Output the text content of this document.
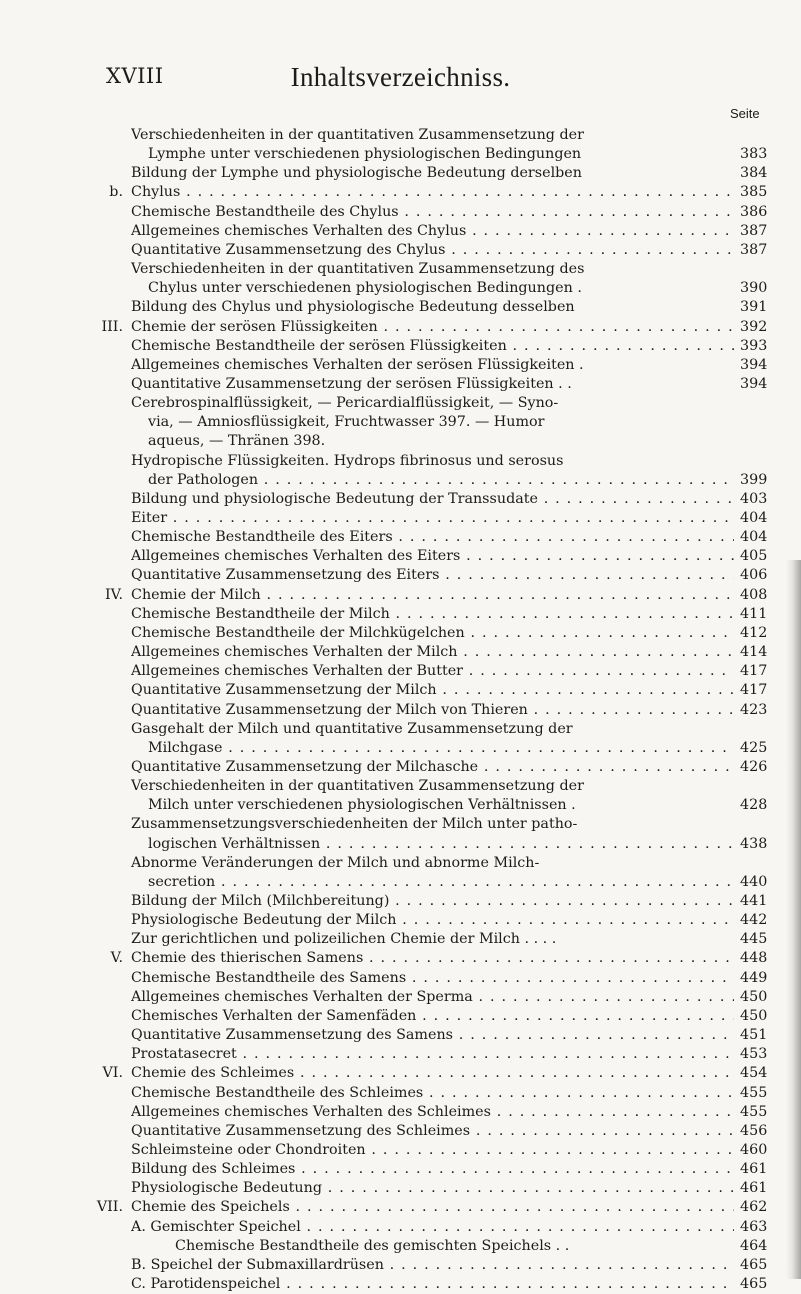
XVIII	Inhaltsverzeichniss.
Seite
Verschiedenheiten in der quantitativen Zusammensetzung der
Lymphe unter verschiedenen physiologischen Bedingungen	383
Bildung der Lymphe und physiologische Bedeutung derselben	384
b. Chylus . . .	385
Chemische Bestandtheile des Chylus . . .	386
Allgemeines chemisches Verhalten des Chylus . . .	387
Quantitative Zusammensetzung des Chylus . . .	387
Verschiedenheiten in der quantitativen Zusammensetzung des
Chylus unter verschiedenen physiologischen Bedingungen .	390
Bildung des Chylus und physiologische Bedeutung desselben	391
III. Chemie der serösen Flüssigkeiten . . .	392
Chemische Bestandtheile der serösen Flüssigkeiten . . .	393
Allgemeines chemisches Verhalten der serösen Flüssigkeiten .	394
Quantitative Zusammensetzung der serösen Flüssigkeiten . .	394
Cerebrospinalflüssigkeit, — Pericardialflüssigkeit, — Syno-
via, — Amniosflüssigkeit, Fruchtwasser 397. — Humor
aqueus, — Thränen 398.
Hydropische Flüssigkeiten. Hydrops fibrinosus und serosus
der Pathologen . . .	399
Bildung und physiologische Bedeutung der Transsudate . . .	403
Eiter . . .	404
Chemische Bestandtheile des Eiters . . .	404
Allgemeines chemisches Verhalten des Eiters . . .	405
Quantitative Zusammensetzung des Eiters . . .	406
IV. Chemie der Milch . . .	408
Chemische Bestandtheile der Milch . . .	411
Chemische Bestandtheile der Milchkügelchen . . .	412
Allgemeines chemisches Verhalten der Milch . . .	414
Allgemeines chemisches Verhalten der Butter . . .	417
Quantitative Zusammensetzung der Milch . . .	417
Quantitative Zusammensetzung der Milch von Thieren . . .	423
Gasgehalt der Milch und quantitative Zusammensetzung der
Milchgase . . .	425
Quantitative Zusammensetzung der Milchasche . . .	426
Verschiedenheiten in der quantitativen Zusammensetzung der
Milch unter verschiedenen physiologischen Verhältnissen .	428
Zusammensetzungsverschiedenheiten der Milch unter patho-
logischen Verhältnissen . . .	438
Abnorme Veränderungen der Milch und abnorme Milch-
secretion . . .	440
Bildung der Milch (Milchbereitung) . . .	441
Physiologische Bedeutung der Milch . . .	442
Zur gerichtlichen und polizeilichen Chemie der Milch . . . .	445
V. Chemie des thierischen Samens . . .	448
Chemische Bestandtheile des Samens . . .	449
Allgemeines chemisches Verhalten der Sperma . . .	450
Chemisches Verhalten der Samenfäden . . .	450
Quantitative Zusammensetzung des Samens . . .	451
Prostatasecret . . .	453
VI. Chemie des Schleimes . . .	454
Chemische Bestandtheile des Schleimes . . .	455
Allgemeines chemisches Verhalten des Schleimes . . .	455
Quantitative Zusammensetzung des Schleimes . . .	456
Schleimsteine oder Chondroiten . . .	460
Bildung des Schleimes . . .	461
Physiologische Bedeutung . . .	461
VII. Chemie des Speichels . . .	462
A. Gemischter Speichel . . .	463
Chemische Bestandtheile des gemischten Speichels . .	464
B. Speichel der Submaxillardrüsen . . .	465
C. Parotidenspeichel . . .	465
